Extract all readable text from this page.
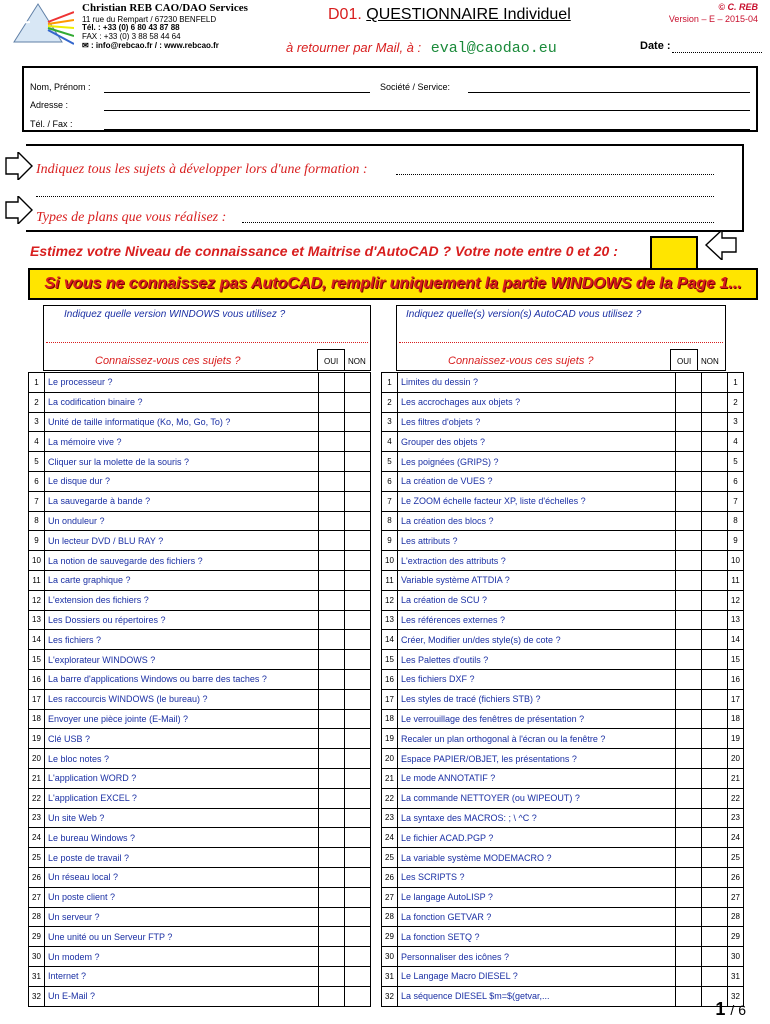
Christian REB CAO/DAO Services
11 rue du Rempart / 67230 BENFELD
Tél. : +33 (0) 6 80 43 87 88
FAX : +33 (0) 3 88 58 44 64
✉ : info@rebcao.fr / : www.rebcao.fr
D01. QUESTIONNAIRE Individuel	© C. REB
Version – E – 2015-04
à retourner par Mail, à : eval@caodao.eu	Date :
Nom, Prénom :	Société / Service:
Adresse :
Tél. / Fax :
Indiquez tous les sujets à développer lors d'une formation :
Types de plans que vous réalisez :
Estimez votre Niveau de connaissance et Maitrise d'AutoCAD ? Votre note entre 0 et 20 :
Si vous ne connaissez pas AutoCAD, remplir uniquement la partie WINDOWS de la Page 1...
Indiquez quelle version WINDOWS vous utilisez ?
Connaissez-vous ces sujets ?	OUI NON
Indiquez quelle(s) version(s) AutoCAD vous utilisez ?
Connaissez-vous ces sujets ?	OUI NON
1	Le processeur ?		
2	La codification binaire ?		
3	Unité de taille informatique (Ko, Mo, Go, To) ?		
4	La mémoire vive ?		
5	Cliquer sur la molette de la souris ?		
6	Le disque dur ?		
7	La sauvegarde à bande ?		
8	Un onduleur ?		
9	Un lecteur DVD / BLU RAY ?		
10	La notion de sauvegarde des fichiers ?		
11	La carte graphique ?		
12	L'extension des fichiers ?		
13	Les Dossiers ou répertoires ?		
14	Les fichiers ?		
15	L'explorateur WINDOWS ?		
16	La barre d'applications Windows ou barre des taches ?		
17	Les raccourcis WINDOWS (le bureau) ?		
18	Envoyer une pièce jointe (E-Mail) ?		
19	Clé USB ?		
20	Le bloc notes ?		
21	L'application WORD ?		
22	L'application EXCEL ?		
23	Un site Web ?		
24	Le bureau Windows ?		
25	Le poste de travail ?		
26	Un réseau local ?		
27	Un poste client ?		
28	Un serveur ?		
29	Une unité ou un Serveur FTP ?		
30	Un modem ?		
31	Internet ?		
32	Un E-Mail ?		
1	Limites du dessin ?			1
2	Les accrochages aux objets ?			2
3	Les filtres d'objets ?			3
4	Grouper des objets ?			4
5	Les poignées (GRIPS) ?			5
6	La création de VUES ?			6
7	Le ZOOM échelle facteur XP, liste d'échelles ?			7
8	La création des blocs ?			8
9	Les attributs ?			9
10	L'extraction des attributs ?			10
11	Variable système ATTDIA ?			11
12	La création de SCU ?			12
13	Les références externes ?			13
14	Créer, Modifier un/des style(s) de cote ?			14
15	Les Palettes d'outils ?			15
16	Les fichiers DXF ?			16
17	Les styles de tracé (fichiers STB) ?			17
18	Le verrouillage des fenêtres de présentation ?			18
19	Recaler un plan orthogonal à l'écran ou la fenêtre ?			19
20	Espace PAPIER/OBJET, les présentations ?			20
21	Le mode ANNOTATIF ?			21
22	La commande NETTOYER (ou WIPEOUT) ?			22
23	La syntaxe des MACROS: ; \ ^C ?			23
24	Le fichier ACAD.PGP ?			24
25	La variable système MODEMACRO ?			25
26	Les SCRIPTS ?			26
27	Le langage AutoLISP ?			27
28	La fonction GETVAR ?			28
29	La fonction SETQ ?			29
30	Personnaliser des icônes ?			30
31	Le Langage Macro DIESEL ?			31
32	La séquence DIESEL $m=$(getvar,...			32
1 / 6
